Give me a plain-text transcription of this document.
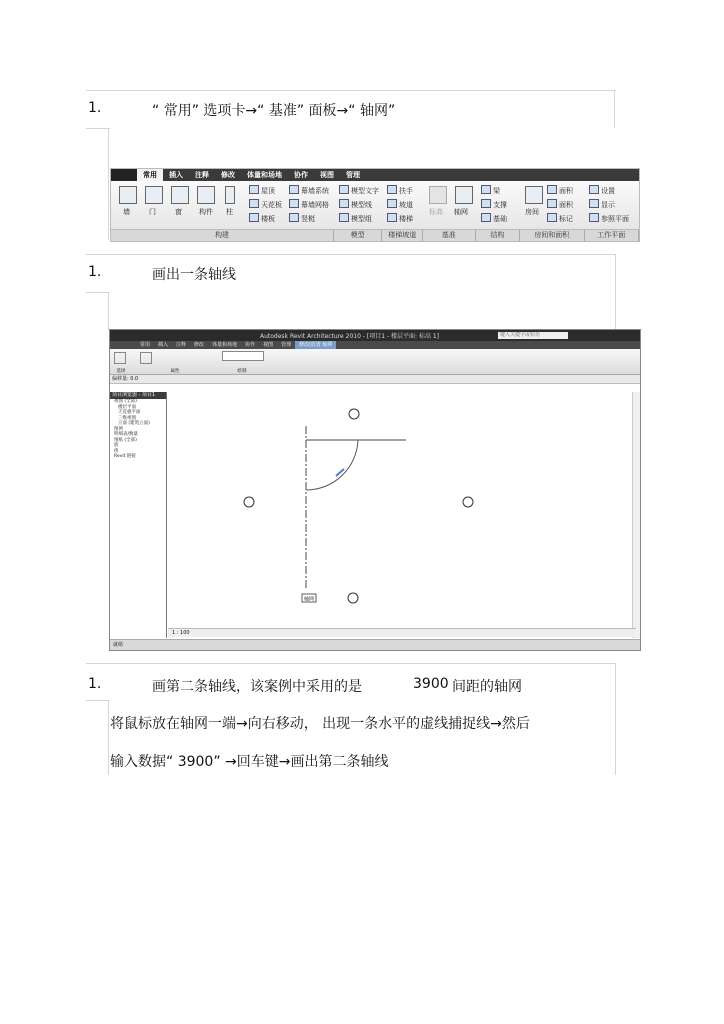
1.	“ 常用” 选项卡→“ 基准” 面板→“ 轴网”
常用	插入	注释	修改	体量和场地	协作	视图	管理
墙	门	窗 构件 柱
屋顶
天花板
楼板
幕墙系统
幕墙网格
竖梃
模型文字
模型线
模型组
扶手
坡道
楼梯
标高 轴网
梁
支撑
基础
房间
面积
面积
标记
设置
显示
参照平面
构建	模型	楼梯坡道	基准	结构	房间和面积	工作平面
1.	画出一条轴线
Autodesk Revit Architecture 2010 - [项目1 - 楼层平面: 标高 1]	键入关键字或短语
常用	插入	注释	修改	体量和场地	协作	视图	管理	修改|放置 轴网
选择	属性	绘制
偏移量: 0.0
项目浏览器 - 项目1
视图 (全部)
楼层平面
天花板平面
三维视图
立面 (建筑立面)
图例
明细表/数量
图纸 (全部)
族
组
Revit 链接
轴网
1 : 100
就绪
1.	画第二条轴线，该案例中采用的是	3900 间距的轴网
将鼠标放在轴网一端→向右移动， 出现一条水平的虚线捕捉线→然后
输入数据“ 3900” →回车键→画出第二条轴线
